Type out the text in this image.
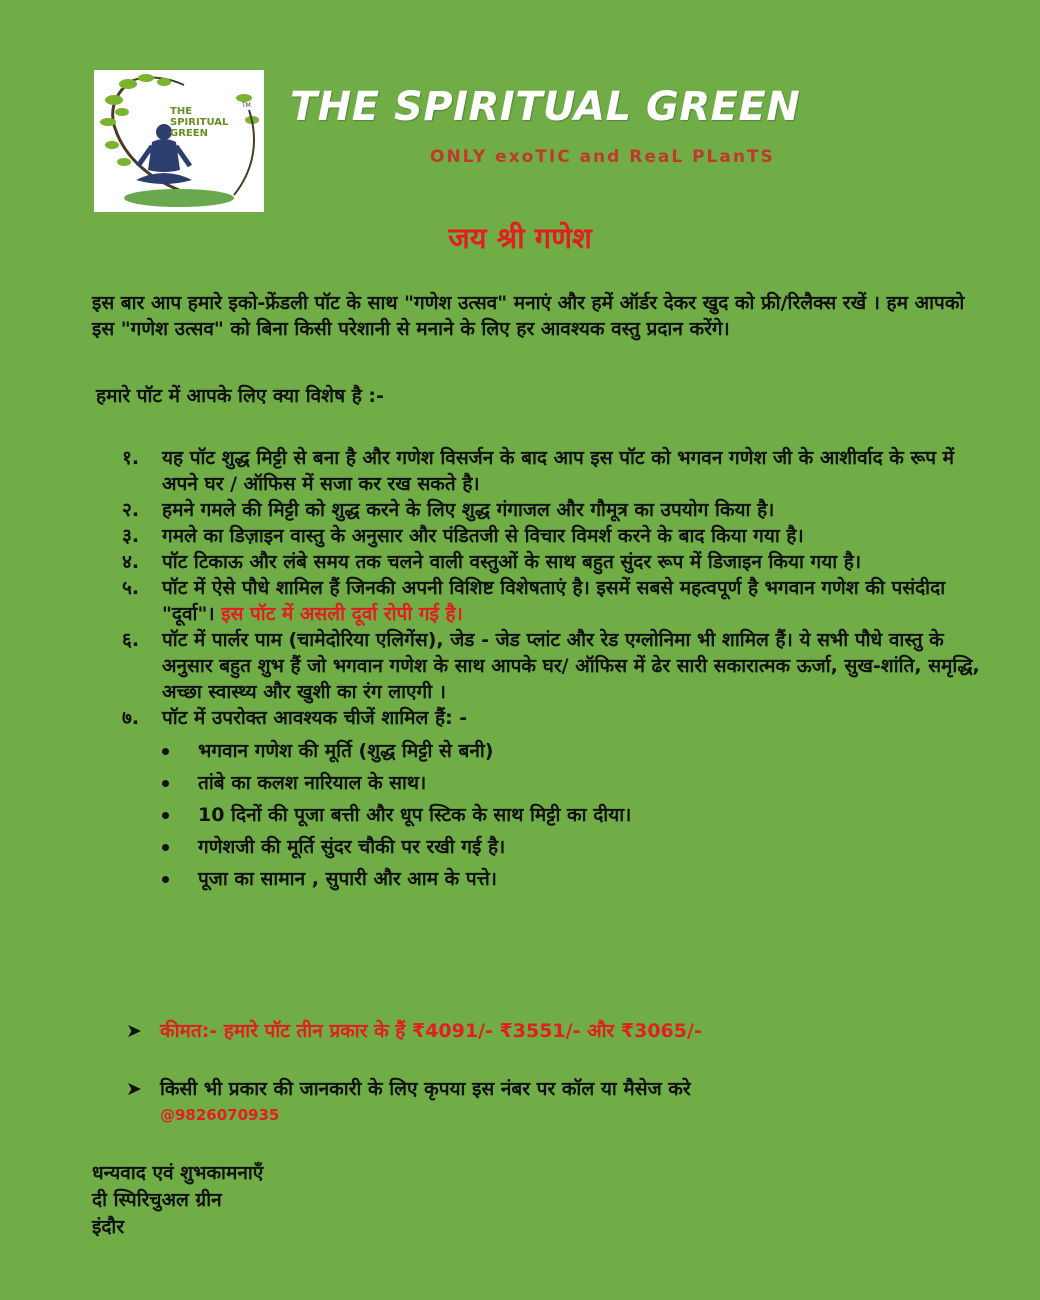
THE
SPIRITUAL
GREEN
TM THE SPIRITUAL GREEN
ONLY exoTIC and ReaL PLanTS
जय श्री गणेश

इस बार आप हमारे इको-फ्रेंडली पॉट के साथ "गणेश उत्सव" मनाएं और हमें ऑर्डर देकर खुद को फ्री/रिलैक्स रखें । हम आपको इस "गणेश उत्सव" को बिना किसी परेशानी से मनाने के लिए हर आवश्यक वस्तु प्रदान करेंगे।

हमारे पॉट में आपके लिए क्या विशेष है :-
१. यह पॉट शुद्ध मिट्टी से बना है और गणेश विसर्जन के बाद आप इस पॉट को भगवन गणेश जी के आशीर्वाद के रूप में अपने घर / ऑफिस में सजा कर रख सकते है।
२. हमने गमले की मिट्टी को शुद्ध करने के लिए शुद्ध गंगाजल और गौमूत्र का उपयोग किया है।
३. गमले का डिज़ाइन वास्तु के अनुसार और पंडितजी से विचार विमर्श करने के बाद किया गया है।
४. पॉट टिकाऊ और लंबे समय तक चलने वाली वस्तुओं के साथ बहुत सुंदर रूप में डिजाइन किया गया है।
५. पॉट में ऐसे पौधे शामिल हैं जिनकी अपनी विशिष्ट विशेषताएं है। इसमें सबसे महत्वपूर्ण है भगवान गणेश की पसंदीदा "दूर्वा"। इस पॉट में असली दूर्वा रोपी गई है।
६. पॉट में पार्लर पाम (चामेदोरिया एलिगेंस), जेड - जेड प्लांट और रेड एग्लोनिमा भी शामिल हैं। ये सभी पौधे वास्तु के अनुसार बहुत शुभ हैं जो भगवान गणेश के साथ आपके घर/ ऑफिस में ढेर सारी सकारात्मक ऊर्जा, सुख-शांति, समृद्धि, अच्छा स्वास्थ्य और खुशी का रंग लाएगी ।
७. पॉट में उपरोक्त आवश्यक चीजें शामिल हैं: -
भगवान गणेश की मूर्ति (शुद्ध मिट्टी से बनी)
तांबे का कलश नारियाल के साथ।
10 दिनों की पूजा बत्ती और धूप स्टिक के साथ मिट्टी का दीया।
गणेशजी की मूर्ति सुंदर चौकी पर रखी गई है।
पूजा का सामान , सुपारी और आम के पत्ते।
➤ कीमत:- हमारे पॉट तीन प्रकार के हैं ₹4091/- ₹3551/- और ₹3065/-
➤ किसी भी प्रकार की जानकारी के लिए कृपया इस नंबर पर कॉल या मैसेज करे
@9826070935
धन्यवाद एवं शुभकामनाएँ
दी स्पिरिचुअल ग्रीन
इंदौर
